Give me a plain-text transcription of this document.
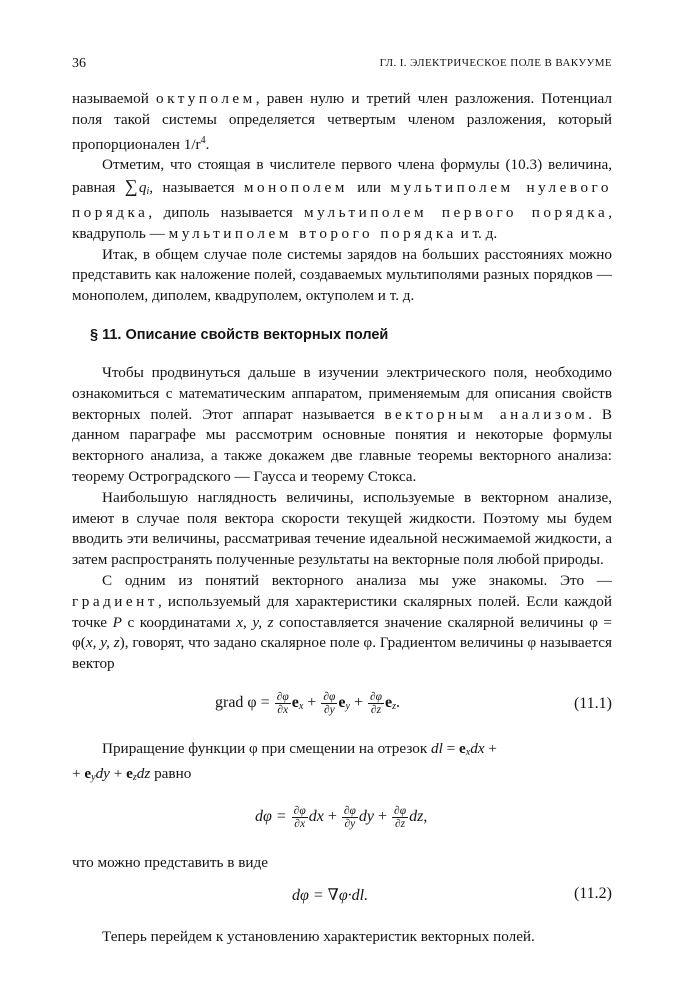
36	ГЛ. I. ЭЛЕКТРИЧЕСКОЕ ПОЛЕ В ВАКУУМЕ

называемой октуполем, равен нулю и третий член разложения. Потенциал поля такой системы определяется четвертым членом разложения, который пропорционален $1/r^4$.

Отметим, что стоящая в числителе первого члена формулы (10.3) величина, равная ∑ $q_i$, называется монополем или мультиполем нулевого порядка, диполь называется мультиполем первого порядка, квадруполь — мультиполем второго порядка и т. д.

Итак, в общем случае поле системы зарядов на больших расстояниях можно представить как наложение полей, создаваемых мультиполями разных порядков — монополем, диполем, квадруполем, октуполем и т. д.

§ 11. Описание свойств векторных полей

Чтобы продвинуться дальше в изучении электрического поля, необходимо ознакомиться с математическим аппаратом, применяемым для описания свойств векторных полей. Этот аппарат называется векторным анализом. В данном параграфе мы рассмотрим основные понятия и некоторые формулы векторного анализа, а также докажем две главные теоремы векторного анализа: теорему Остроградского — Гаусса и теорему Стокса.

Наибольшую наглядность величины, используемые в векторном анализе, имеют в случае поля вектора скорости текущей жидкости. Поэтому мы будем вводить эти величины, рассматривая течение идеальной несжимаемой жидкости, а затем распространять полученные результаты на векторные поля любой природы.

С одним из понятий векторного анализа мы уже знакомы. Это — градиент, используемый для характеристики скалярных полей. Если каждой точке P с координатами x, y, z сопоставляется значение скалярной величины φ = φ(x, y, z), говорят, что задано скалярное поле φ. Градиентом величины φ называется вектор

grad $\varphi = \frac{\partial\varphi}{\partial x} e_x + \frac{\partial\varphi}{\partial y} e_y + \frac{\partial\varphi}{\partial z} e_z$.	(11.1)

Приращение функции φ при смещении на отрезок dl = $e_xdx$ +
+ $e_ydy + e_zdz$ равно

$d\varphi = \frac{\partial\varphi}{\partial x}$ dx + $\frac{\partial\varphi}{\partial y}$ dy + $\frac{\partial\varphi}{\partial z}$ dz,

что можно представить в виде

dφ = ∇φ·dl.	(11.2)

Теперь перейдем к установлению характеристик векторных полей.
